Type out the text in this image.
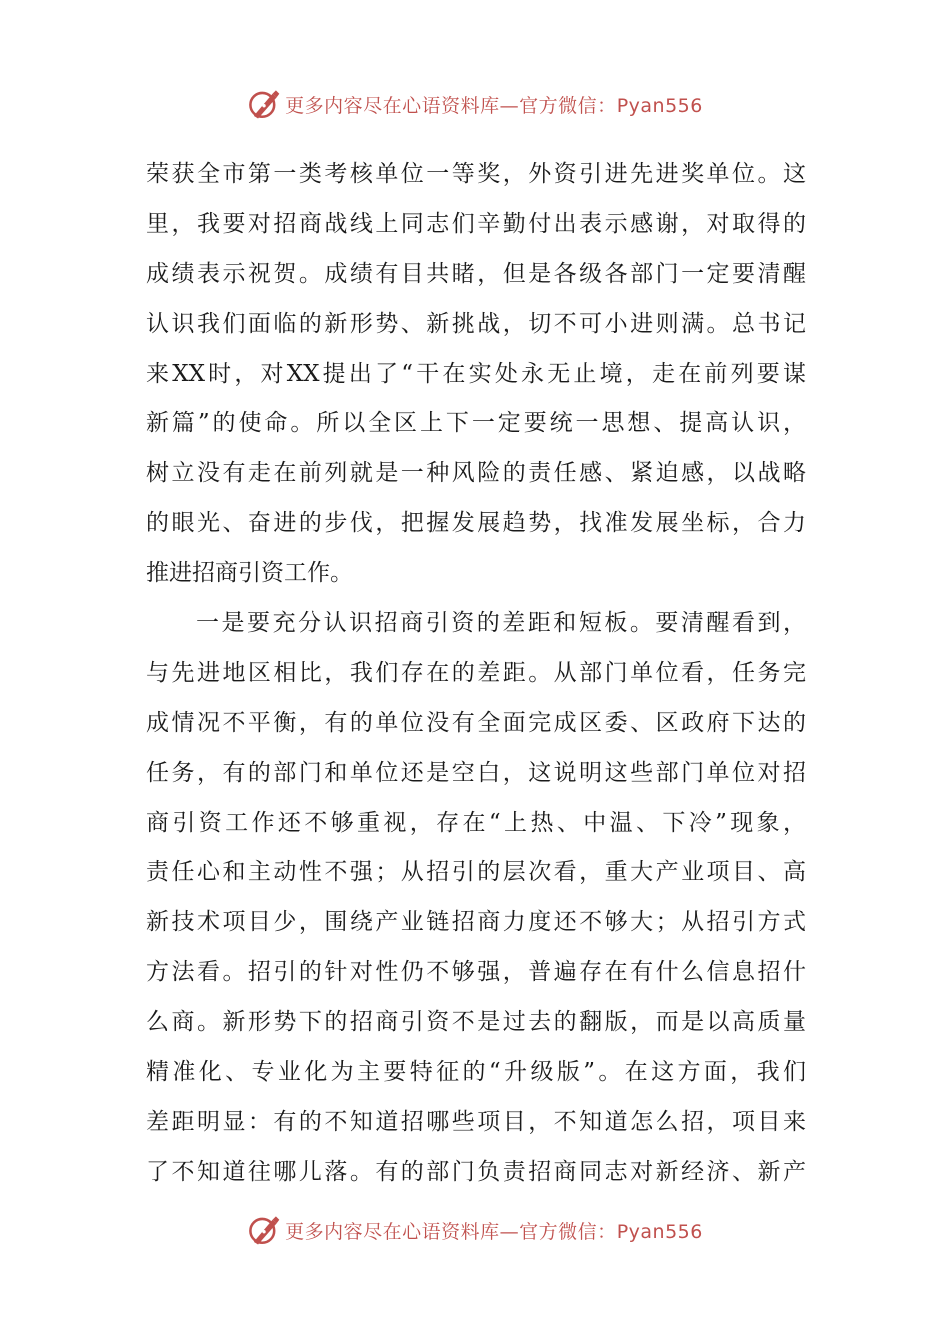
更多内容尽在心语资料库—官方微信：Pyan556
荣获全市第一类考核单位一等奖，外资引进先进奖单位。这
里，我要对招商战线上同志们辛勤付出表示感谢，对取得的
成绩表示祝贺。成绩有目共睹，但是各级各部门一定要清醒
认识我们面临的新形势、新挑战，切不可小进则满。总书记
来XX时，对XX提出了“干在实处永无止境，走在前列要谋
新篇”的使命。所以全区上下一定要统一思想、提高认识，
树立没有走在前列就是一种风险的责任感、紧迫感，以战略
的眼光、奋进的步伐，把握发展趋势，找准发展坐标，合力
推进招商引资工作。
一是要充分认识招商引资的差距和短板。要清醒看到，
与先进地区相比，我们存在的差距。从部门单位看，任务完
成情况不平衡，有的单位没有全面完成区委、区政府下达的
任务，有的部门和单位还是空白，这说明这些部门单位对招
商引资工作还不够重视，存在“上热、中温、下冷”现象，
责任心和主动性不强；从招引的层次看，重大产业项目、高
新技术项目少，围绕产业链招商力度还不够大；从招引方式
方法看。招引的针对性仍不够强，普遍存在有什么信息招什
么商。新形势下的招商引资不是过去的翻版，而是以高质量
精准化、专业化为主要特征的“升级版”。在这方面，我们
差距明显：有的不知道招哪些项目，不知道怎么招，项目来
了不知道往哪儿落。有的部门负责招商同志对新经济、新产
更多内容尽在心语资料库—官方微信：Pyan556
